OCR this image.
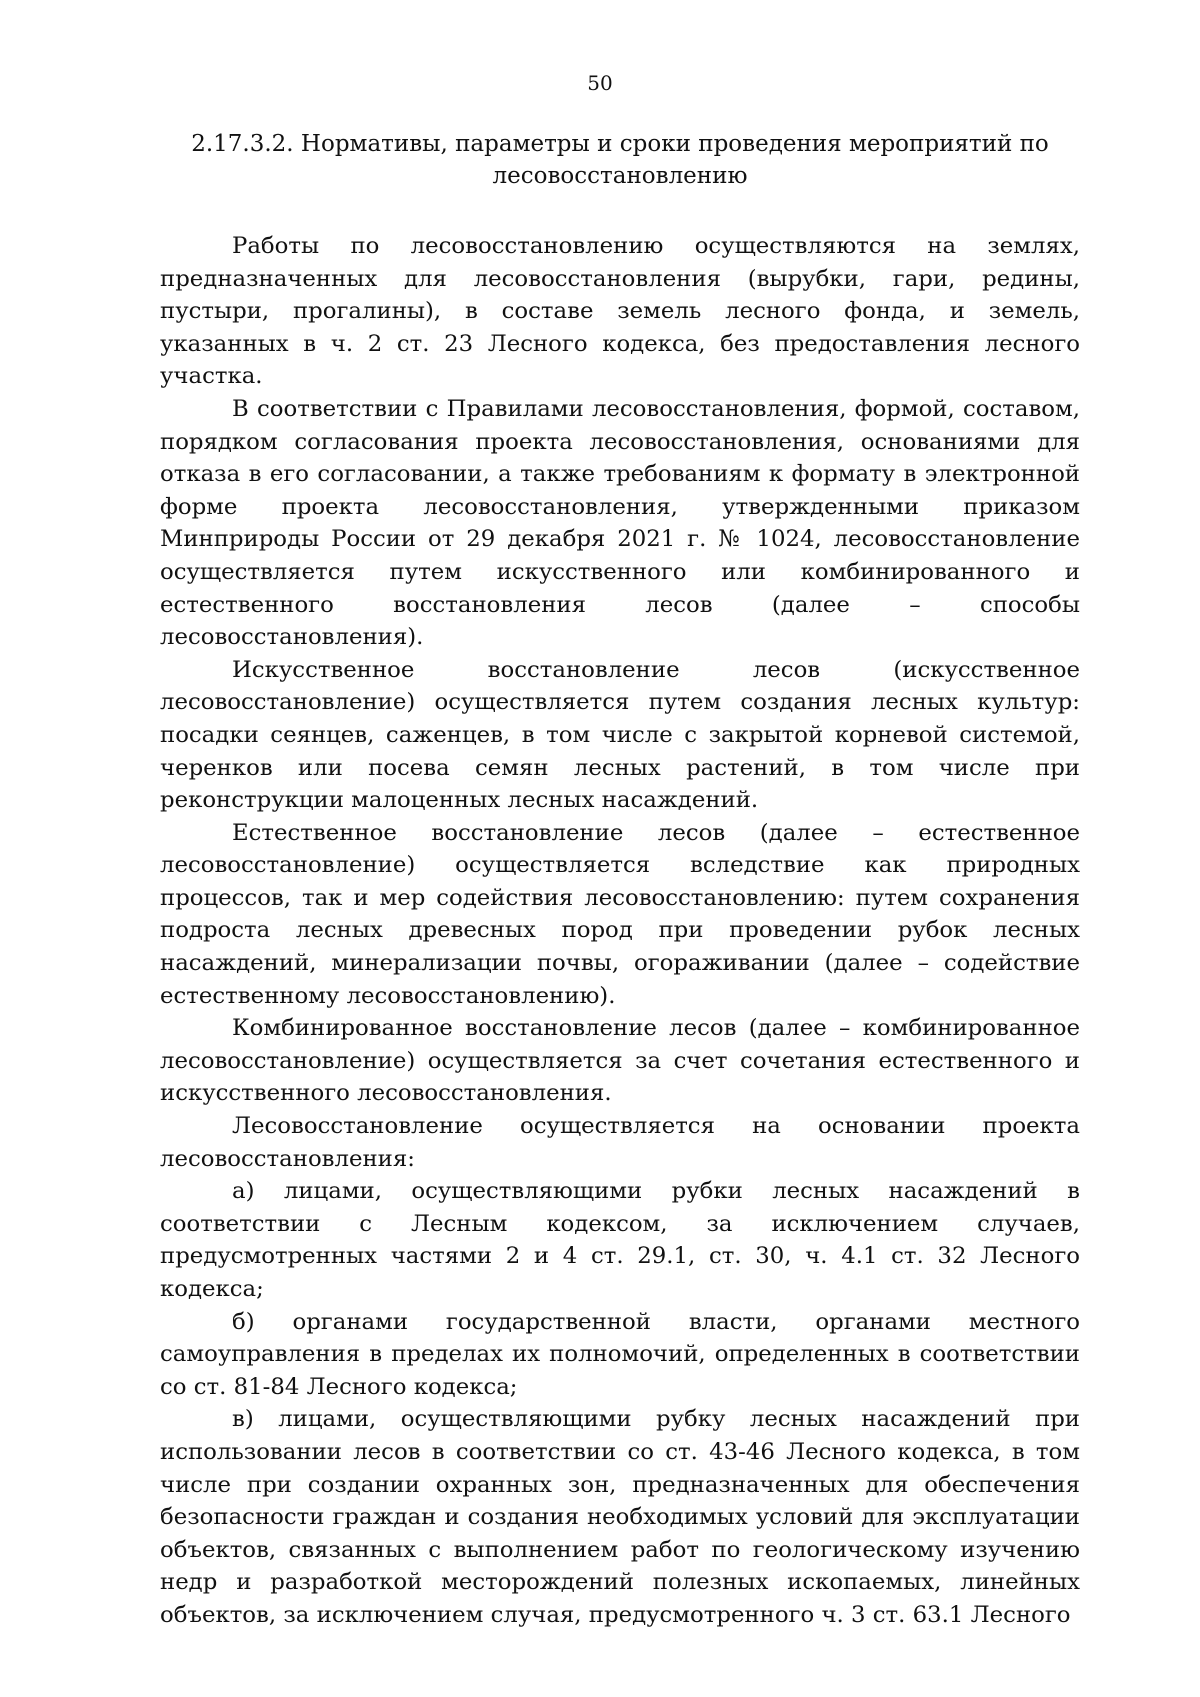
50
2.17.3.2. Нормативы, параметры и сроки проведения мероприятий по
лесовосстановлению

Работы по лесовосстановлению осуществляются на землях, предназначенных для лесовосстановления (вырубки, гари, редины, пустыри, прогалины), в составе земель лесного фонда, и земель, указанных в ч. 2 ст. 23 Лесного кодекса, без предоставления лесного участка.

В соответствии с Правилами лесовосстановления, формой, составом, порядком согласования проекта лесовосстановления, основаниями для отказа в его согласовании, а также требованиям к формату в электронной форме проекта лесовосстановления, утвержденными приказом Минприроды России от 29 декабря 2021 г. № 1024, лесовосстановление осуществляется путем искусственного или комбинированного и естественного восстановления лесов (далее – способы лесовосстановления).

Искусственное восстановление лесов (искусственное лесовосстановление) осуществляется путем создания лесных культур: посадки сеянцев, саженцев, в том числе с закрытой корневой системой, черенков или посева семян лесных растений, в том числе при реконструкции малоценных лесных насаждений.

Естественное восстановление лесов (далее – естественное лесовосстановление) осуществляется вследствие как природных процессов, так и мер содействия лесовосстановлению: путем сохранения подроста лесных древесных пород при проведении рубок лесных насаждений, минерализации почвы, огораживании (далее – содействие естественному лесовосстановлению).

Комбинированное восстановление лесов (далее – комбинированное лесовосстановление) осуществляется за счет сочетания естественного и искусственного лесовосстановления.

Лесовосстановление осуществляется на основании проекта лесовосстановления:

а) лицами, осуществляющими рубки лесных насаждений в соответствии с Лесным кодексом, за исключением случаев, предусмотренных частями 2 и 4 ст. 29.1, ст. 30, ч. 4.1 ст. 32 Лесного кодекса;

б) органами государственной власти, органами местного самоуправления в пределах их полномочий, определенных в соответствии со ст. 81-84 Лесного кодекса;

в) лицами, осуществляющими рубку лесных насаждений при использовании лесов в соответствии со ст. 43-46 Лесного кодекса, в том числе при создании охранных зон, предназначенных для обеспечения безопасности граждан и создания необходимых условий для эксплуатации объектов, связанных с выполнением работ по геологическому изучению недр и разработкой месторождений полезных ископаемых, линейных объектов, за исключением случая, предусмотренного ч. 3 ст. 63.1 Лесного
